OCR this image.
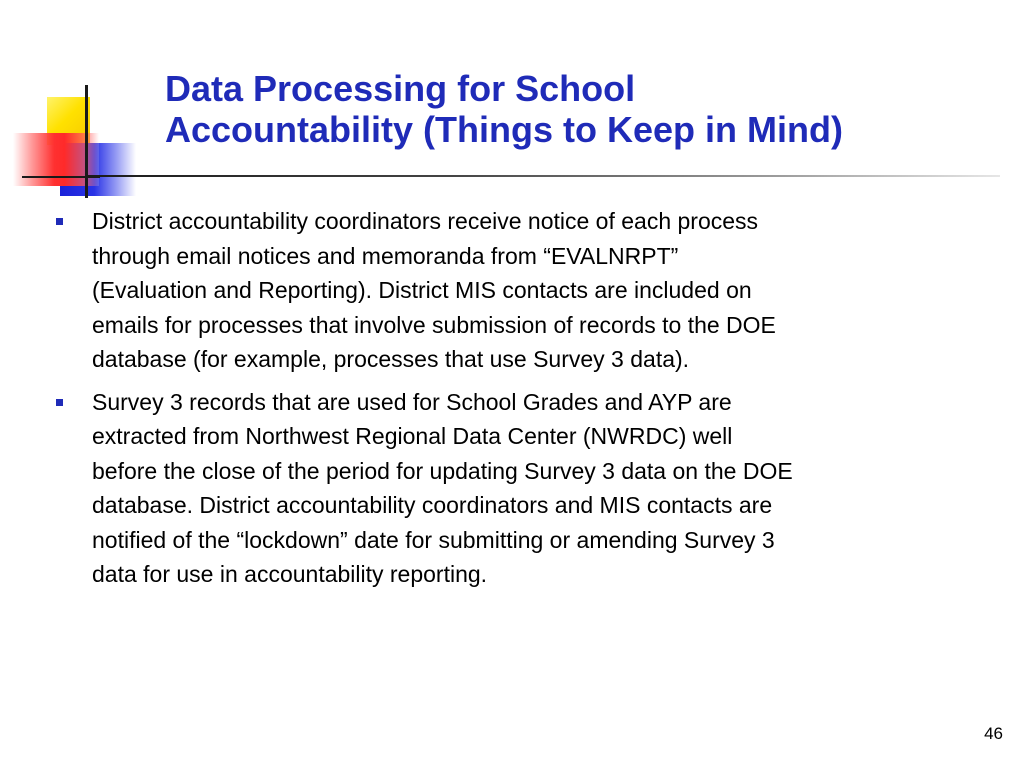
Data Processing for School
Accountability (Things to Keep in Mind)
District accountability coordinators receive notice of each process
through email notices and memoranda from “EVALNRPT”
(Evaluation and Reporting). District MIS contacts are included on
emails for processes that involve submission of records to the DOE
database (for example, processes that use Survey 3 data).
Survey 3 records that are used for School Grades and AYP are
extracted from Northwest Regional Data Center (NWRDC) well
before the close of the period for updating Survey 3 data on the DOE
database. District accountability coordinators and MIS contacts are
notified of the “lockdown” date for submitting or amending Survey 3
data for use in accountability reporting.
46
